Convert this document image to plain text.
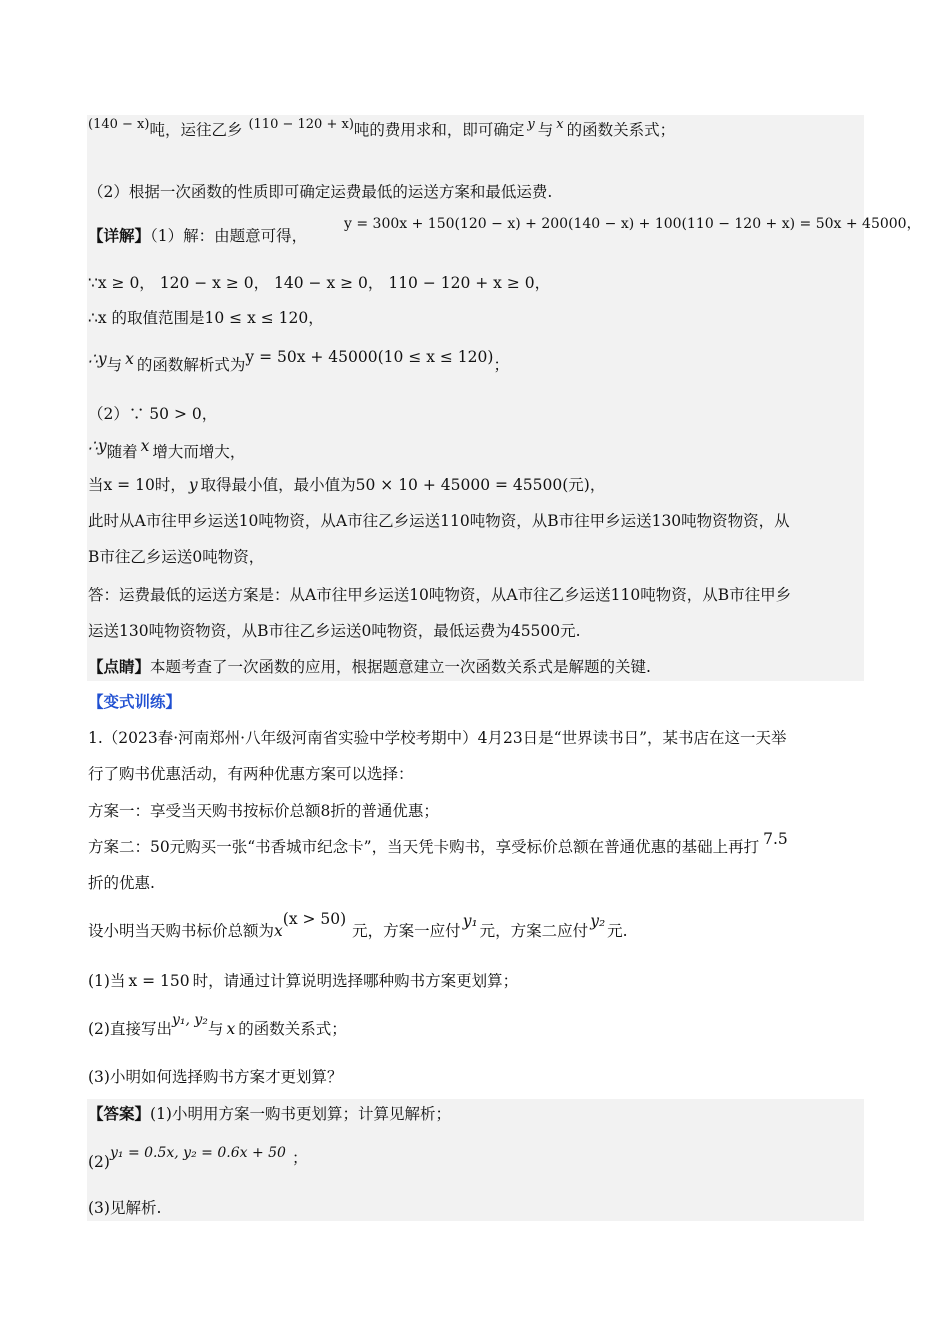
$^{(140 - x)}$吨，运往乙乡 $^{(110 - 120 + x)}$吨的费用求和，即可确定 $^y$ 与 $^x$ 的函数关系式；
（2）根据一次函数的性质即可确定运费最低的运送方案和最低运费.
【详解】（1）解：由题意可得，
y = 300x + 150(120 − x) + 200(140 − x) + 100(110 − 120 + x) = 50x + 45000，
∵x ≥ 0， 120 − x ≥ 0， 140 − x ≥ 0， 110 − 120 + x ≥ 0，
∴x 的取值范围是10 ≤ x ≤ 120，
∴y与 x 的函数解析式为y = 50x + 45000(10 ≤ x ≤ 120)；
（2）∵ 50 > 0，
∴y随着 x 增大而增大，
当x = 10时， y 取得最小值，最小值为50 × 10 + 45000 = 45500(元)，
此时从A市往甲乡运送10吨物资，从A市往乙乡运送110吨物资，从B市往甲乡运送130吨物资物资，从
B市往乙乡运送0吨物资，
答：运费最低的运送方案是：从A市往甲乡运送10吨物资，从A市往乙乡运送110吨物资，从B市往甲乡
运送130吨物资物资，从B市往乙乡运送0吨物资，最低运费为45500元.
【点睛】本题考查了一次函数的应用，根据题意建立一次函数关系式是解题的关键.
【变式训练】
1.（2023春·河南郑州·八年级河南省实验中学校考期中）4月23日是“世界读书日”，某书店在这一天举
行了购书优惠活动，有两种优惠方案可以选择：
方案一：享受当天购书按标价总额8折的普通优惠；
方案二：50元购买一张“书香城市纪念卡”，当天凭卡购书，享受标价总额在普通优惠的基础上再打 7.5
折的优惠.
设小明当天购书标价总额为x(x > 50)元，方案一应付y₁元，方案二应付y₂元.
(1)当 x = 150 时，请通过计算说明选择哪种购书方案更划算；
(2)直接写出y₁, y₂与 x 的函数关系式；
(3)小明如何选择购书方案才更划算？
【答案】(1)小明用方案一购书更划算；计算见解析；
(2)y₁ = 0.5x, y₂ = 0.6x + 50 ；
(3)见解析.
